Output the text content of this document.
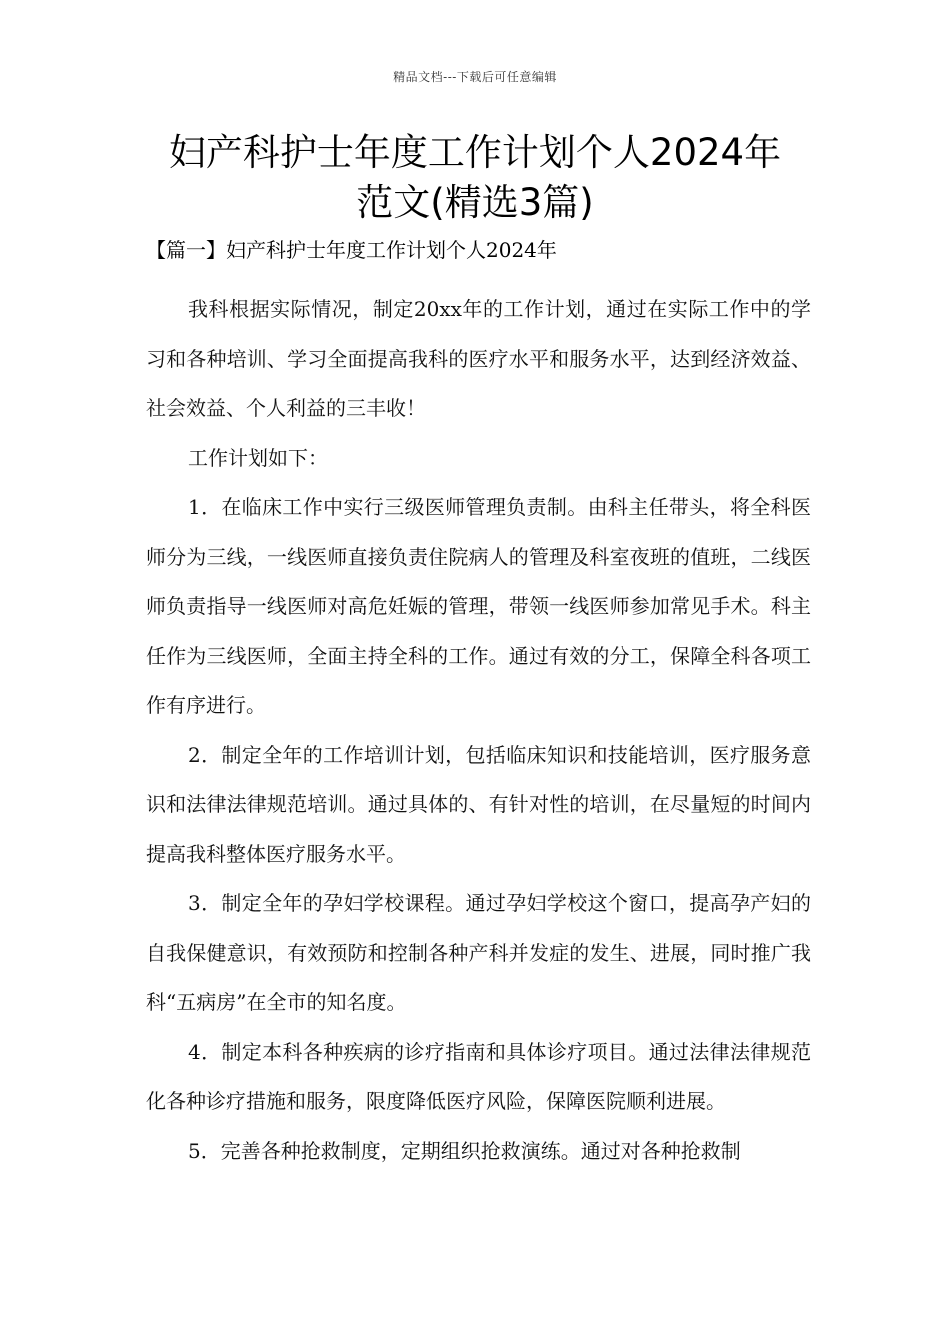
精品文档---下载后可任意编辑
妇产科护士年度工作计划个人2024年
范文(精选3篇)
【篇一】妇产科护士年度工作计划个人2024年

我科根据实际情况，制定20xx年的工作计划，通过在实际工作中的学习和各种培训、学习全面提高我科的医疗水平和服务水平，达到经济效益、社会效益、个人利益的三丰收！

工作计划如下：

1．在临床工作中实行三级医师管理负责制。由科主任带头，将全科医师分为三线，一线医师直接负责住院病人的管理及科室夜班的值班，二线医师负责指导一线医师对高危妊娠的管理，带领一线医师参加常见手术。科主任作为三线医师，全面主持全科的工作。通过有效的分工，保障全科各项工作有序进行。

2．制定全年的工作培训计划，包括临床知识和技能培训，医疗服务意识和法律法律规范培训。通过具体的、有针对性的培训，在尽量短的时间内提高我科整体医疗服务水平。

3．制定全年的孕妇学校课程。通过孕妇学校这个窗口，提高孕产妇的自我保健意识，有效预防和控制各种产科并发症的发生、进展，同时推广我科“五病房”在全市的知名度。

4．制定本科各种疾病的诊疗指南和具体诊疗项目。通过法律法律规范化各种诊疗措施和服务，限度降低医疗风险，保障医院顺利进展。

5．完善各种抢救制度，定期组织抢救演练。通过对各种抢救制
